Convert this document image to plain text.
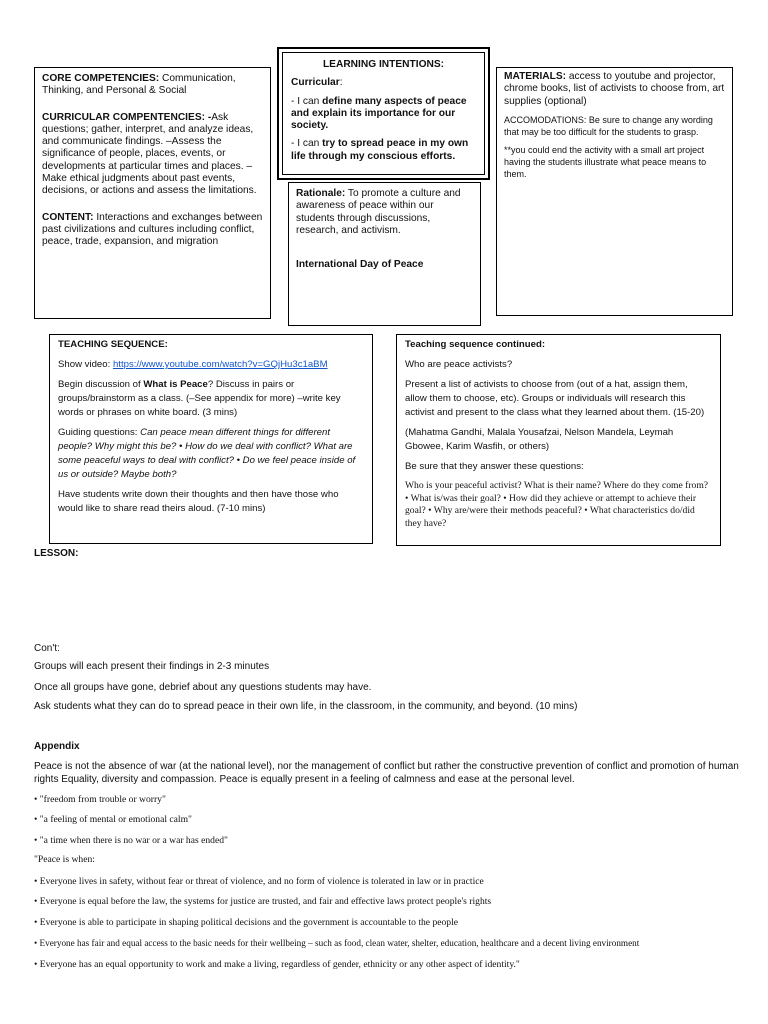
CORE COMPETENCIES: Communication, Thinking, and Personal & Social

CURRICULAR COMPENTENCIES: -Ask questions; gather, interpret, and analyze ideas, and communicate findings. –Assess the significance of people, places, events, or developments at particular times and places. –Make ethical judgments about past events, decisions, or actions and assess the limitations.

CONTENT: Interactions and exchanges between past civilizations and cultures including conflict, peace, trade, expansion, and migration

LEARNING INTENTIONS:

Curricular:

- I can define many aspects of peace and explain its importance for our society.

- I can try to spread peace in my own life through my conscious efforts.

Rationale: To promote a culture and awareness of peace within our students through discussions, research, and activism.

International Day of Peace

MATERIALS: access to youtube and projector, chrome books, list of activists to choose from, art supplies (optional)

ACCOMODATIONS: Be sure to change any wording that may be too difficult for the students to grasp.

**you could end the activity with a small art project having the students illustrate what peace means to them.

TEACHING SEQUENCE:

Show video: https://www.youtube.com/watch?v=GQjHu3c1aBM

Begin discussion of What is Peace? Discuss in pairs or groups/brainstorm as a class. (–See appendix for more) –write key words or phrases on white board. (3 mins)

Guiding questions: Can peace mean different things for different people? Why might this be? • How do we deal with conflict? What are some peaceful ways to deal with conflict? • Do we feel peace inside of us or outside? Maybe both?

Have students write down their thoughts and then have those who would like to share read theirs aloud. (7-10 mins)

Teaching sequence continued:

Who are peace activists?

Present a list of activists to choose from (out of a hat, assign them, allow them to choose, etc). Groups or individuals will research this activist and present to the class what they learned about them. (15-20)

(Mahatma Gandhi, Malala Yousafzai, Nelson Mandela, Leymah Gbowee, Karim Wasfih, or others)

Be sure that they answer these questions:

Who is your peaceful activist? What is their name? Where do they come from? • What is/was their goal? • How did they achieve or attempt to achieve their goal? • Why are/were their methods peaceful? • What characteristics do/did they have?

LESSON:
Con't:
Groups will each present their findings in 2-3 minutes
Once all groups have gone, debrief about any questions students may have.
Ask students what they can do to spread peace in their own life, in the classroom, in the community, and beyond. (10 mins)
Appendix
Peace is not the absence of war (at the national level), nor the management of conflict but rather the constructive prevention of conflict and promotion of human rights Equality, diversity and compassion. Peace is equally present in a feeling of calmness and ease at the personal level.
• "freedom from trouble or worry"
• "a feeling of mental or emotional calm"
• "a time when there is no war or a war has ended"
"Peace is when:
• Everyone lives in safety, without fear or threat of violence, and no form of violence is tolerated in law or in practice
• Everyone is equal before the law, the systems for justice are trusted, and fair and effective laws protect people's rights
• Everyone is able to participate in shaping political decisions and the government is accountable to the people
• Everyone has fair and equal access to the basic needs for their wellbeing – such as food, clean water, shelter, education, healthcare and a decent living environment
• Everyone has an equal opportunity to work and make a living, regardless of gender, ethnicity or any other aspect of identity."
